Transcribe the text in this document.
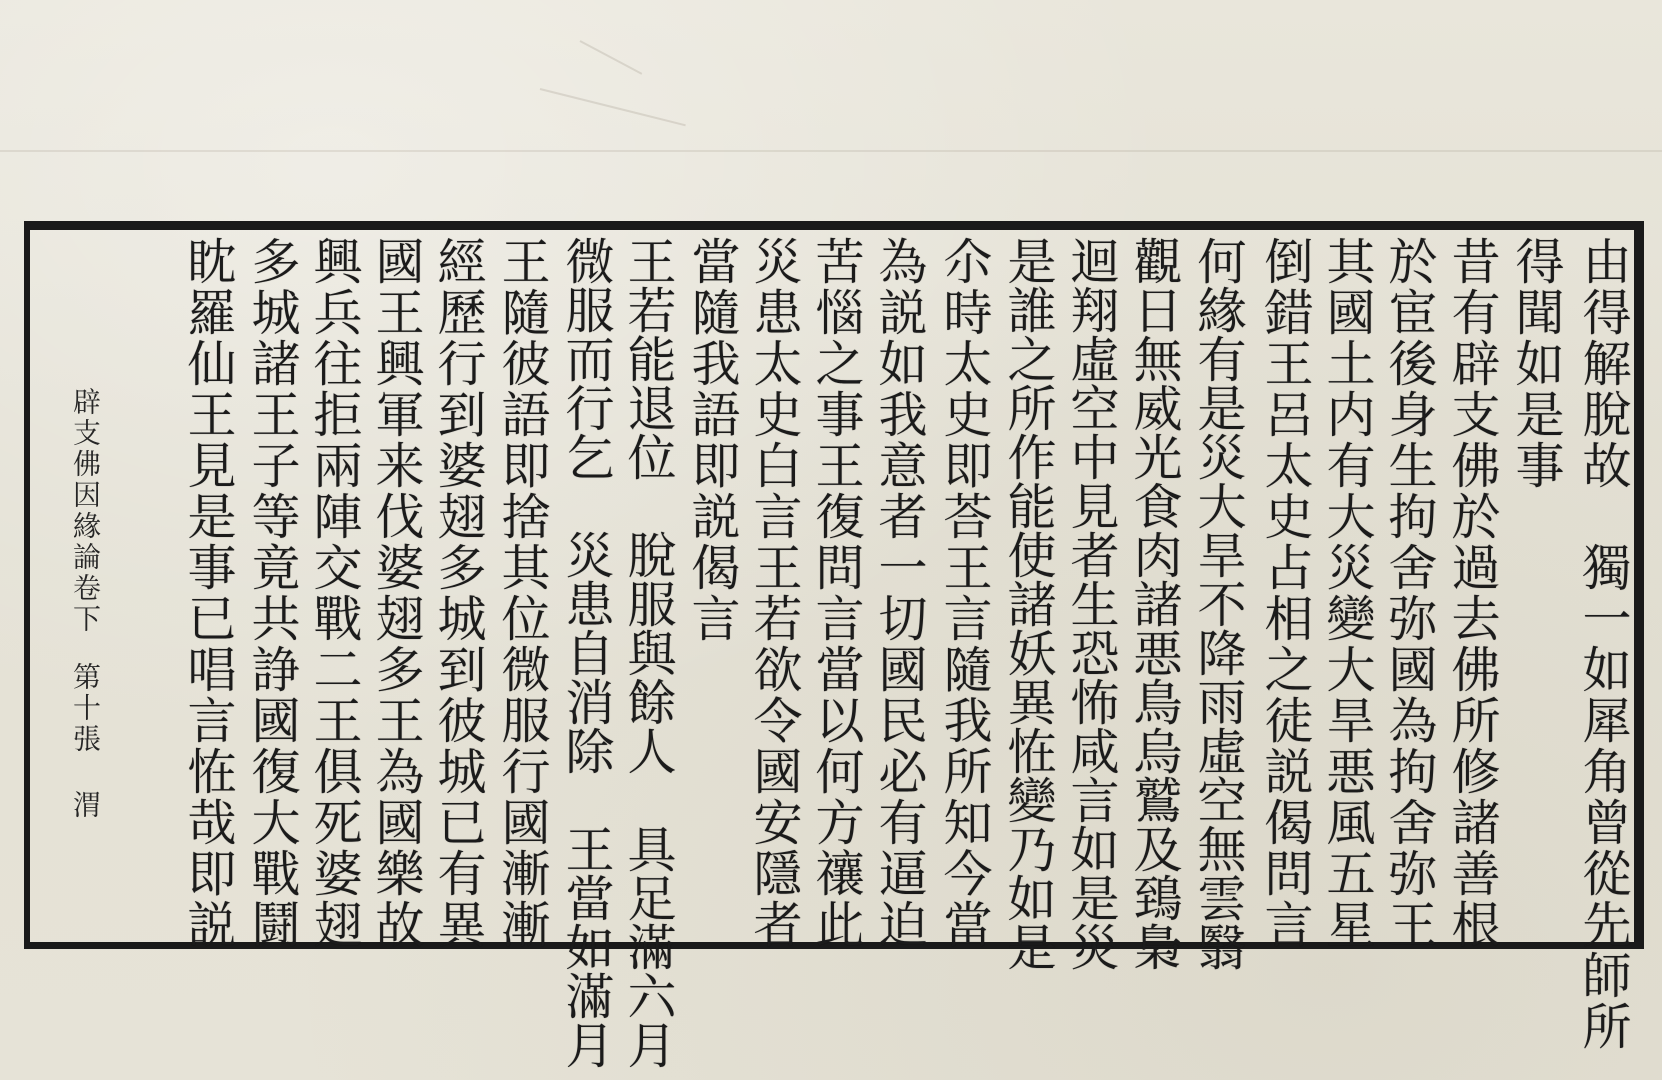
由得解脫故　獨一如犀角曾從先師所
得聞如是事
昔有辟支佛於過去佛所修諸善根
於宦後身生拘舍弥國為拘舍弥王
其國土内有大災變大旱悪風五星
倒錯王呂太史占相之徒説偈問言
何緣有是災大旱不降雨虛空無雲翳
觀日無威光食肉諸悪鳥烏鷲及鵄梟
迴翔虛空中見者生恐怖咸言如是災
是誰之所作能使諸妖異恠變乃如是
尒時太史即荅王言隨我所知今當
為説如我意者一切國民必有逼迫
苦惱之事王復問言當以何方禳此
災患太史白言王若欲令國安隱者
當隨我語即説偈言
王若能退位　脫服與餘人　具足滿六月
微服而行乞　災患自消除　王當如滿月
王隨彼語即捨其位微服行國漸漸
經歷行到婆翅多城到彼城已有異
國王興軍来伐婆翅多王為國樂故
興兵往拒兩陣交戰二王俱死婆翅
多城諸王子等竟共諍國復大戰鬪
眈羅仙王見是事已唱言恠哉即説
辟支佛因緣論卷下
第十張
渭
